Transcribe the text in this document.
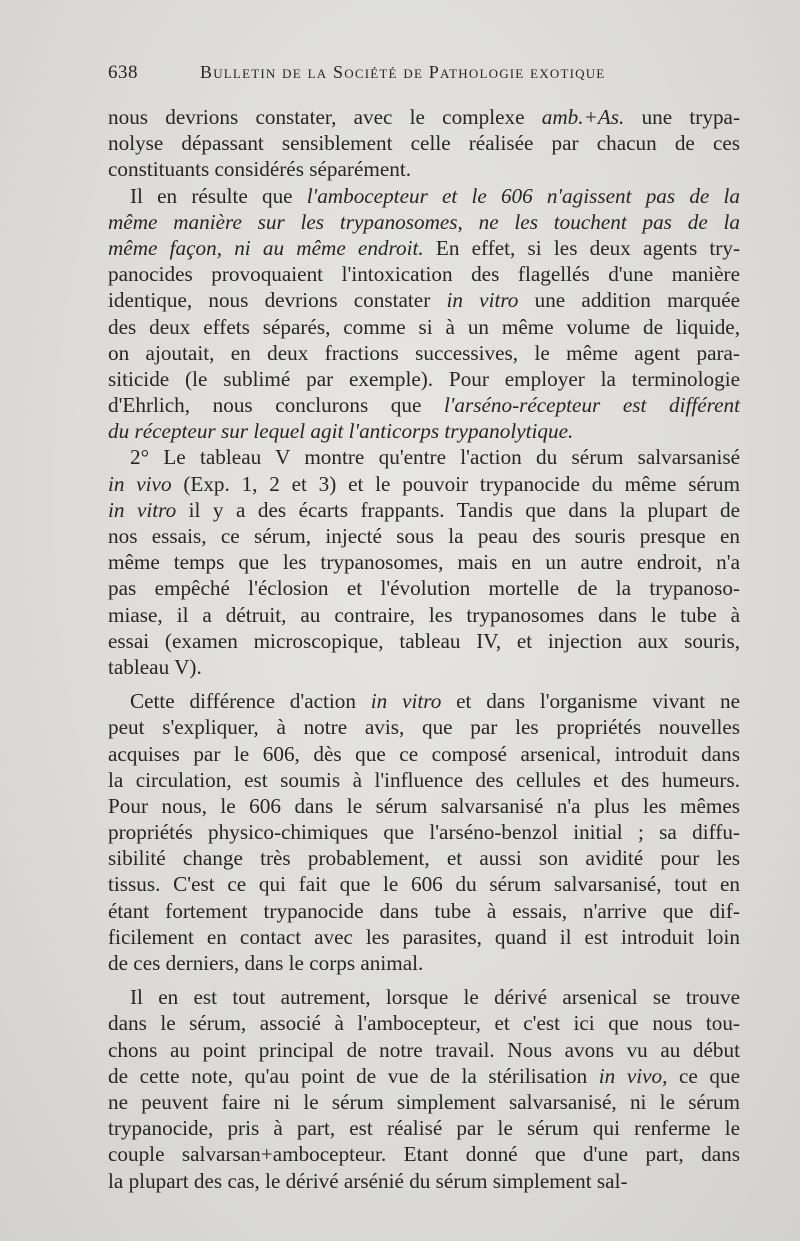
638	Bulletin de la Société de Pathologie exotique
nous devrions constater, avec le complexe amb.+As. une trypa-
nolyse dépassant sensiblement celle réalisée par chacun de ces
constituants considérés séparément.
Il en résulte que l'ambocepteur et le 606 n'agissent pas de la
même manière sur les trypanosomes, ne les touchent pas de la
même façon, ni au même endroit. En effet, si les deux agents try-
panocides provoquaient l'intoxication des flagellés d'une manière
identique, nous devrions constater in vitro une addition marquée
des deux effets séparés, comme si à un même volume de liquide,
on ajoutait, en deux fractions successives, le même agent para-
siticide (le sublimé par exemple). Pour employer la terminologie
d'Ehrlich, nous conclurons que l'arséno-récepteur est différent
du récepteur sur lequel agit l'anticorps trypanolytique.
2° Le tableau V montre qu'entre l'action du sérum salvarsanisé
in vivo (Exp. 1, 2 et 3) et le pouvoir trypanocide du même sérum
in vitro il y a des écarts frappants. Tandis que dans la plupart de
nos essais, ce sérum, injecté sous la peau des souris presque en
même temps que les trypanosomes, mais en un autre endroit, n'a
pas empêché l'éclosion et l'évolution mortelle de la trypanoso-
miase, il a détruit, au contraire, les trypanosomes dans le tube à
essai (examen microscopique, tableau IV, et injection aux souris,
tableau V).
Cette différence d'action in vitro et dans l'organisme vivant ne
peut s'expliquer, à notre avis, que par les propriétés nouvelles
acquises par le 606, dès que ce composé arsenical, introduit dans
la circulation, est soumis à l'influence des cellules et des humeurs.
Pour nous, le 606 dans le sérum salvarsanisé n'a plus les mêmes
propriétés physico-chimiques que l'arséno-benzol initial ; sa diffu-
sibilité change très probablement, et aussi son avidité pour les
tissus. C'est ce qui fait que le 606 du sérum salvarsanisé, tout en
étant fortement trypanocide dans tube à essais, n'arrive que dif-
ficilement en contact avec les parasites, quand il est introduit loin
de ces derniers, dans le corps animal.
Il en est tout autrement, lorsque le dérivé arsenical se trouve
dans le sérum, associé à l'ambocepteur, et c'est ici que nous tou-
chons au point principal de notre travail. Nous avons vu au début
de cette note, qu'au point de vue de la stérilisation in vivo, ce que
ne peuvent faire ni le sérum simplement salvarsanisé, ni le sérum
trypanocide, pris à part, est réalisé par le sérum qui renferme le
couple salvarsan+ambocepteur. Etant donné que d'une part, dans
la plupart des cas, le dérivé arsénié du sérum simplement sal-
